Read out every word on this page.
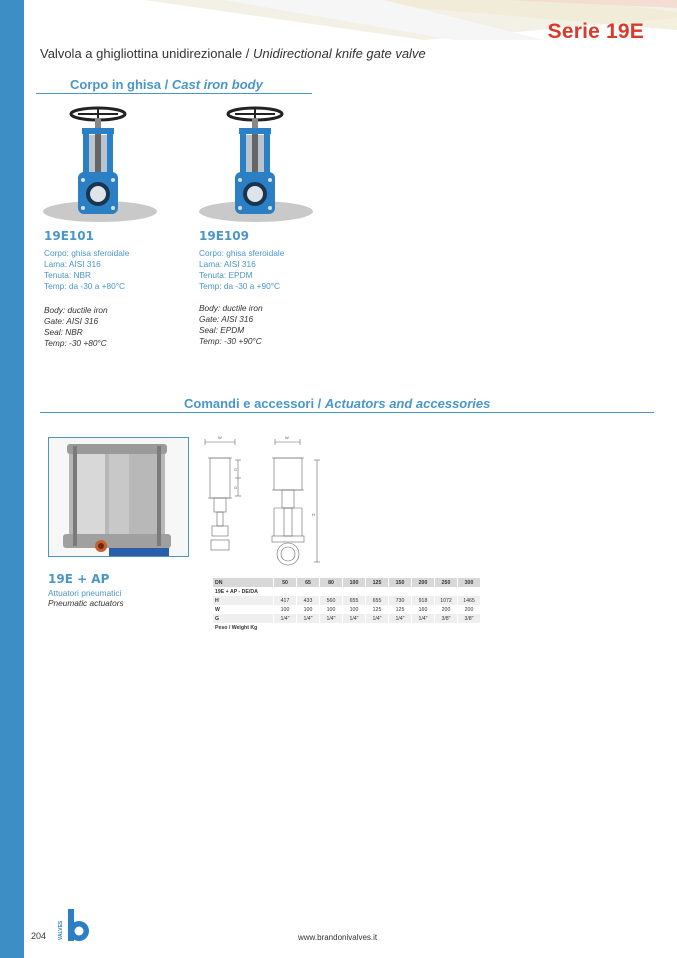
Serie 19E
Valvola a ghigliottina unidirezionale / Unidirectional knife gate valve
Corpo in ghisa / Cast iron body
19E101
Corpo: ghisa sferoidale
Lama: AISI 316
Tenuta: NBR
Temp: da -30 a +80°C
Body: ductile iron
Gate: AISI 316
Seal: NBR
Temp: -30 +80°C
19E109
Corpo: ghisa sferoidale
Lama: AISI 316
Tenuta: EPDM
Temp: da -30 a +90°C
Body: ductile iron
Gate: AISI 316
Seal: EPDM
Temp: -30 +90°C
Comandi e accessori / Actuators and accessories
W	W
G
G
H
19E + AP
Attuatori pneumatici
Pneumatic actuators
DN	50	65	80	100	125	150	200	250	300
19E + AP - DE/DA									
H	417	433	560	655	655	730	918	1072	1465
W	100	100	100	100	125	125	160	200	200
G	1/4"	1/4"	1/4"	1/4"	1/4"	1/4"	1/4"	3/8"	3/8"
Peso / Weight Kg									
204 VALVES	www.brandonivalves.it
